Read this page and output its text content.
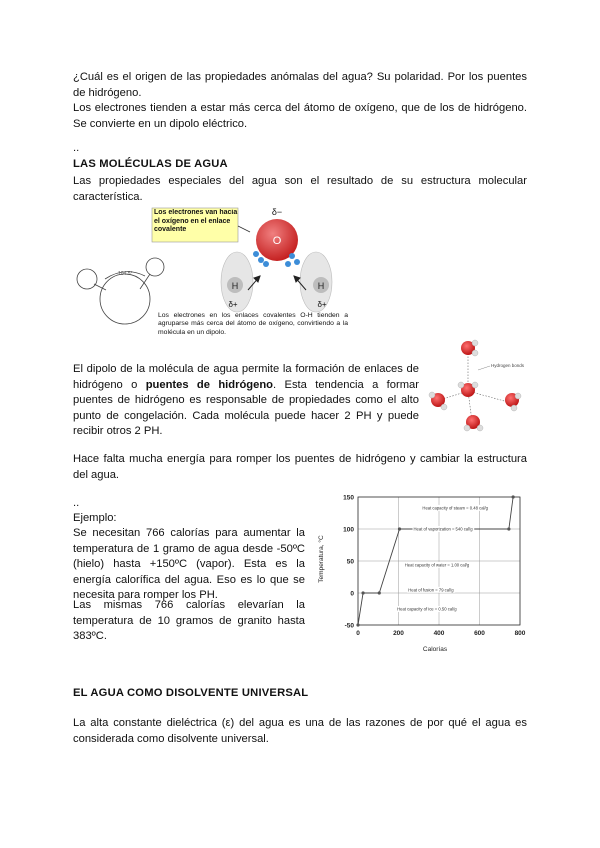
¿Cuál es el origen de las propiedades anómalas del agua? Su polaridad. Por los puentes de hidrógeno.
Los electrones tienden a estar más cerca del átomo de oxígeno, que de los de hidrógeno. Se convierte en un dipolo eléctrico.
..
LAS MOLÉCULAS DE AGUA
Las propiedades especiales del agua son el resultado de su estructura molecular característica.
104.5°
Los electrones van hacia el oxígeno en el enlace covalente
O
δ−
H	H
δ+	δ+
Los electrones en los enlaces covalentes O-H tienden a agruparse más cerca del átomo de oxígeno, convirtiendo a la molécula en un dipolo.
El dipolo de la molécula de agua permite la formación de enlaces de hidrógeno o puentes de hidrógeno. Esta tendencia a formar puentes de hidrógeno es responsable de propiedades como el alto punto de congelación. Cada molécula puede hacer 2 PH y puede recibir otros 2 PH.
Hydrogen bonds
Hace falta mucha energía para romper los puentes de hidrógeno y cambiar la estructura del agua.
..
Ejemplo:
Se necesitan 766 calorías para aumentar la temperatura de 1 gramo de agua desde -50ºC (hielo) hasta +150ºC (vapor). Esta es la energía calorífica del agua. Eso es lo que se necesita para romper los PH.
Las mismas 766 calorías elevarían la temperatura de 10 gramos de granito hasta 383ºC.
-50
0
50
100
150
0	200	400	600	800
Heat capacity of steam = 0.48 cal/g
Heat of vaporization = 540 cal/g
Heat capacity of water = 1.00 cal/g
Heat of fusion = 79 cal/g
Heat capacity of ice = 0.50 cal/g
Calorías
Temperatura, °C
EL AGUA COMO DISOLVENTE UNIVERSAL
La alta constante dieléctrica (ε) del agua es una de las razones de por qué el agua es considerada como disolvente universal.
